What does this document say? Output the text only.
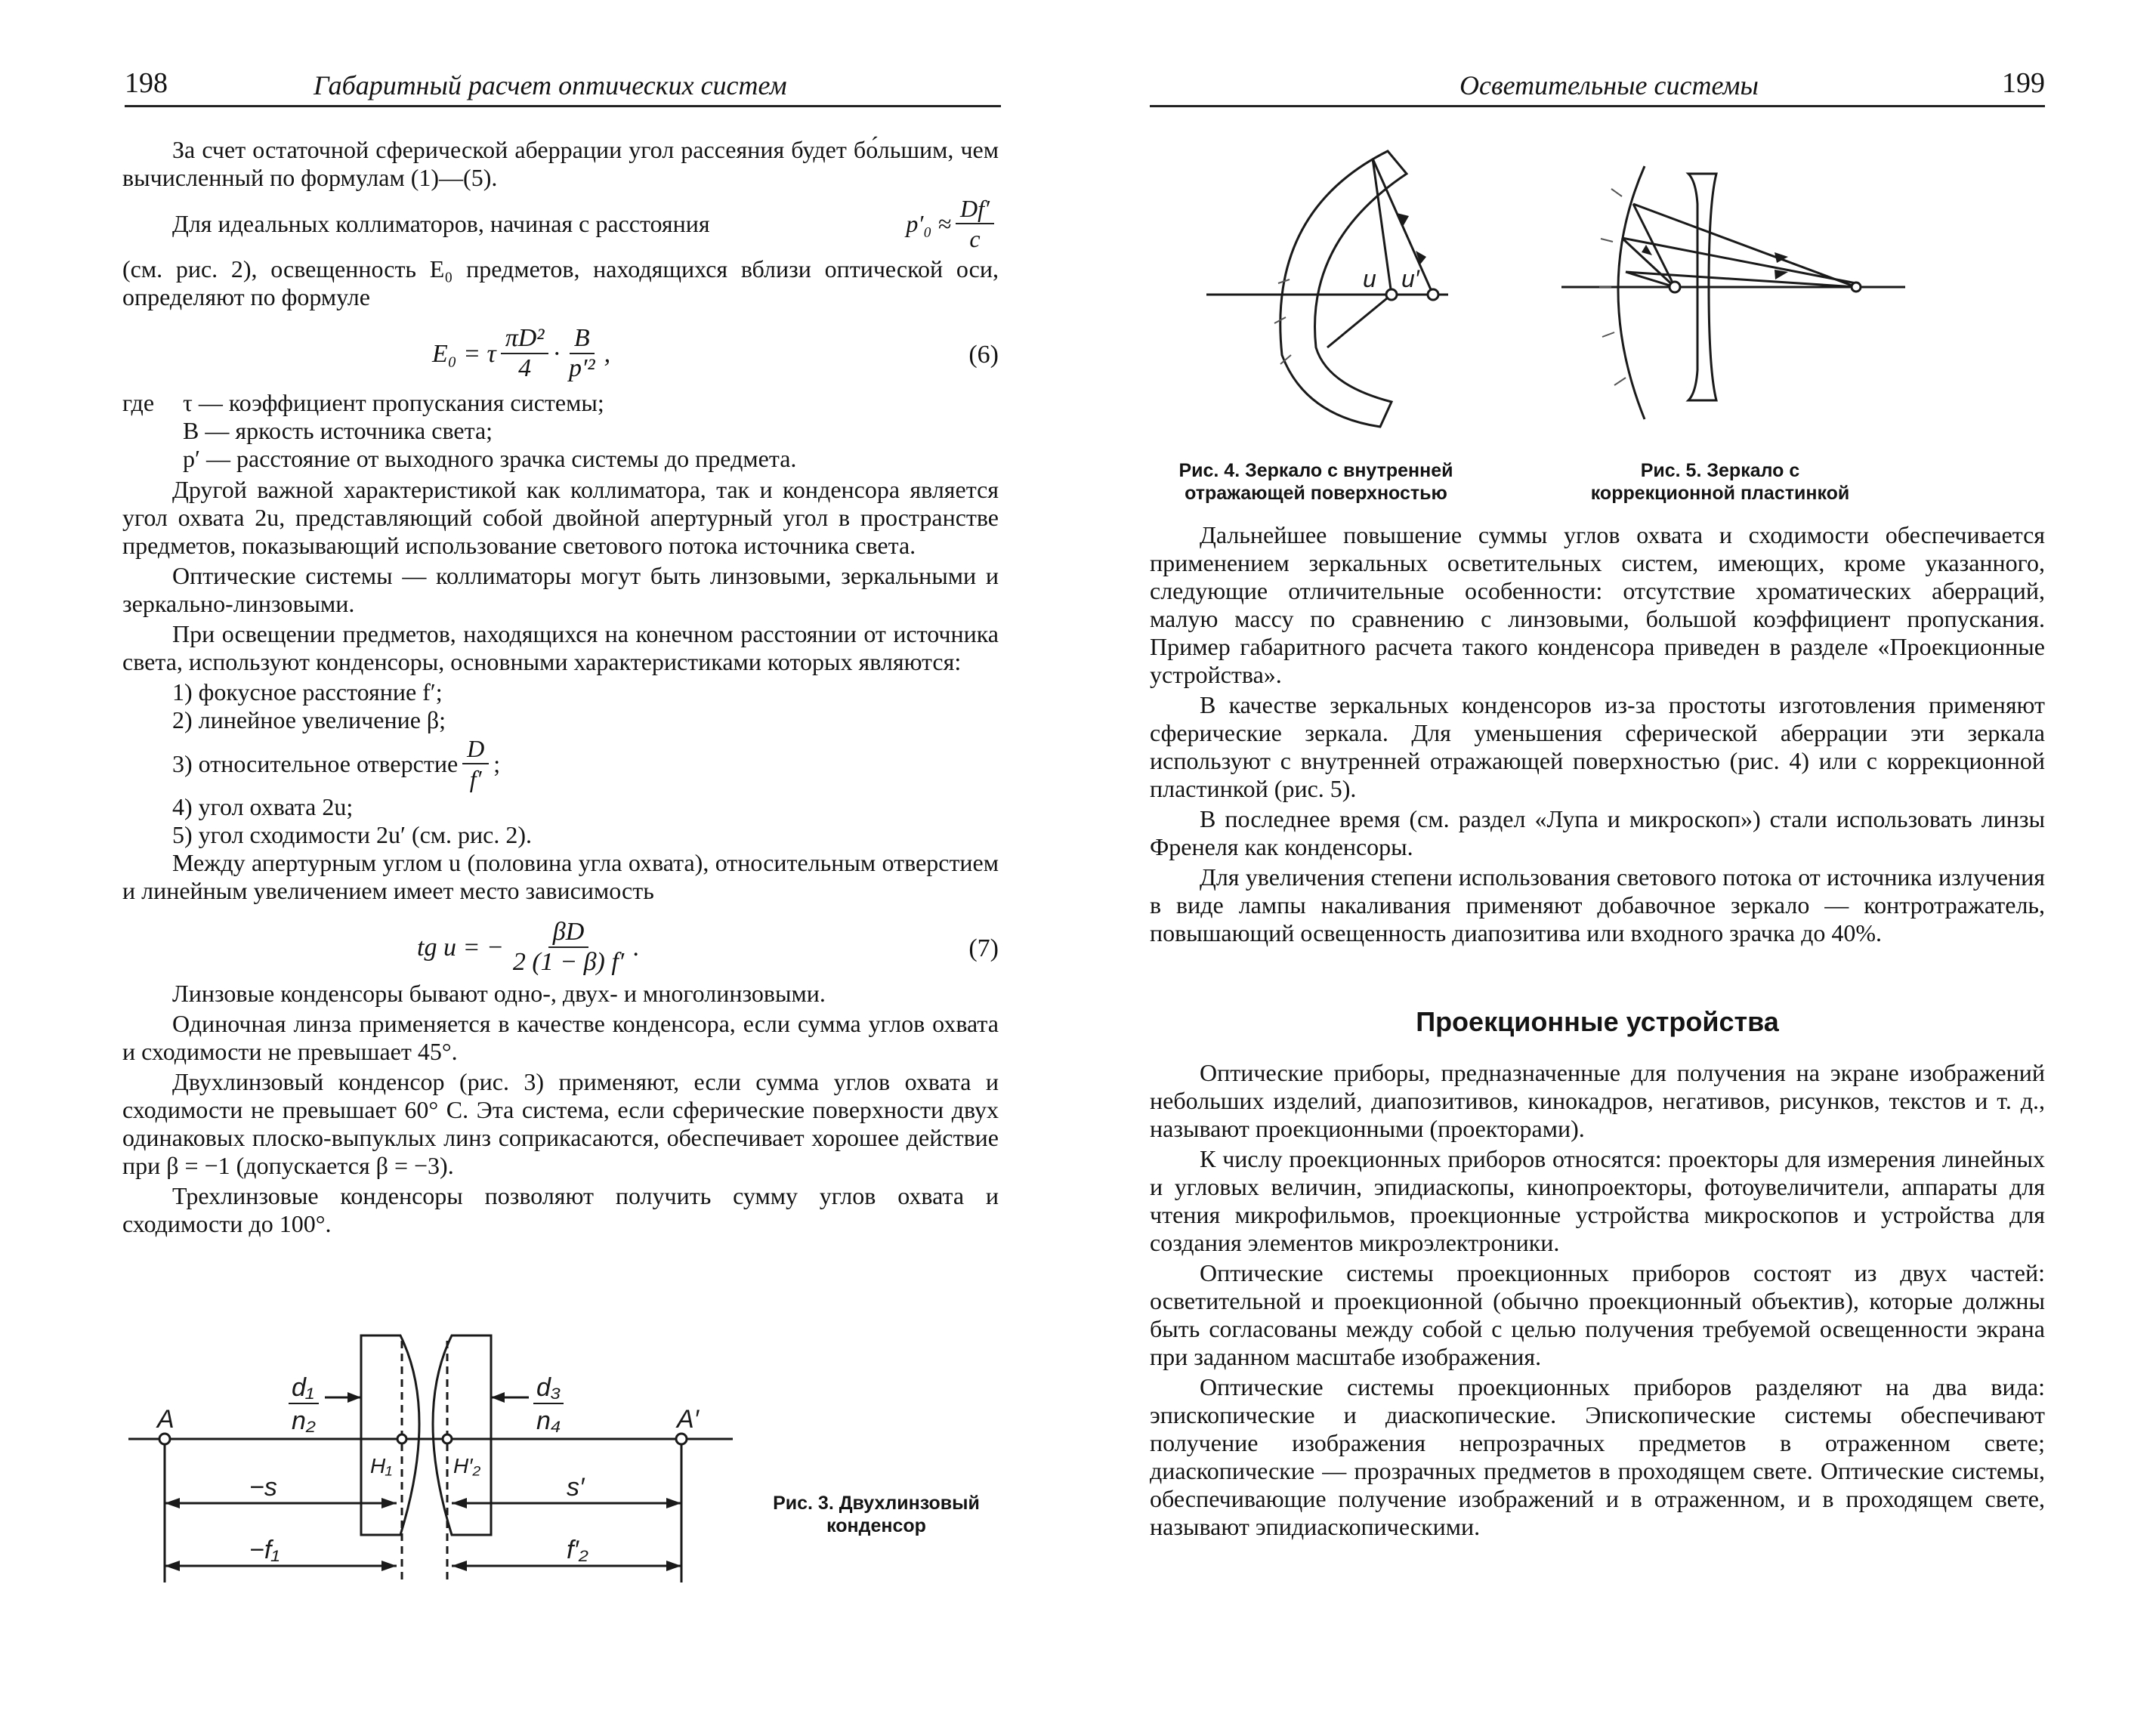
198	Габаритный расчет оптических систем

За счет остаточной сферической аберрации угол рассеяния будет бо́льшим, чем вычисленный по формулам (1)—(5).

Для идеальных коллиматоров, начиная с расстояния	$p'_0 \approx \frac{Df'}{c}$

(см. рис. 2), освещенность E₀ предметов, находящихся вблизи оптической оси, определяют по формуле

E₀ = τ $\frac{\text{πD²}}{4} \cdot \frac{B}{\text{p′²}}$ ,	(6)
где	τ — коэффициент пропускания системы;
B — яркость источника света;
p′ — расстояние от выходного зрачка системы до предмета.

Другой важной характеристикой как коллиматора, так и конденсора является угол охвата 2u, представляющий собой двойной апертурный угол в пространстве предметов, показывающий использование светового потока источника света.

Оптические системы — коллиматоры могут быть линзовыми, зеркальными и зеркально-линзовыми.

При освещении предметов, находящихся на конечном расстоянии от источника света, используют конденсоры, основными характеристиками которых являются:

1) фокусное расстояние f′;
2) линейное увеличение β;
3) относительное отверстие $\frac{D}{f'}$ ;
4) угол охвата 2u;
5) угол сходимости 2u′ (см. рис. 2).

Между апертурным углом u (половина угла охвата), относительным отверстием и линейным увеличением имеет место зависимость

tg u = − $\frac{\beta D}{2 (1 - \beta) f'}$ .	(7)

Линзовые конденсоры бывают одно-, двух- и многолинзовыми.

Одиночная линза применяется в качестве конденсора, если сумма углов охвата и сходимости не превышает 45°.

Двухлинзовый конденсор (рис. 3) применяют, если сумма углов охвата и сходимости не превышает 60° С. Эта система, если сферические поверхности двух одинаковых плоско-выпуклых линз соприкасаются, обеспечивает хорошее действие при β = −1 (допускается β = −3).

Трехлинзовые конденсоры позволяют получить сумму углов охвата и сходимости до 100°.

A	A′
d₁
n₂
d₃
n₄
H₁	H′₂
−s	s′
−f₁	f′₂
Рис. 3. Двухлинзовый конденсор
Осветительные системы	199
u u′
Рис. 4. Зеркало с внутренней отражающей поверхностью
Рис. 5. Зеркало с коррекционной пластинкой

Дальнейшее повышение суммы углов охвата и сходимости обеспечивается применением зеркальных осветительных систем, имеющих, кроме указанного, следующие отличительные особенности: отсутствие хроматических аберраций, малую массу по сравнению с линзовыми, большой коэффициент пропускания. Пример габаритного расчета такого конденсора приведен в разделе «Проекционные устройства».

В качестве зеркальных конденсоров из-за простоты изготовления применяют сферические зеркала. Для уменьшения сферической аберрации эти зеркала используют с внутренней отражающей поверхностью (рис. 4) или с коррекционной пластинкой (рис. 5).

В последнее время (см. раздел «Лупа и микроскоп») стали использовать линзы Френеля как конденсоры.

Для увеличения степени использования светового потока от источника излучения в виде лампы накаливания применяют добавочное зеркало — контротражатель, повышающий освещенность диапозитива или входного зрачка до 40%.

Проекционные устройства

Оптические приборы, предназначенные для получения на экране изображений небольших изделий, диапозитивов, кинокадров, негативов, рисунков, текстов и т. д., называют проекционными (проекторами).

К числу проекционных приборов относятся: проекторы для измерения линейных и угловых величин, эпидиаскопы, кинопроекторы, фотоувеличители, аппараты для чтения микрофильмов, проекционные устройства микроскопов и устройства для создания элементов микроэлектроники.

Оптические системы проекционных приборов состоят из двух частей: осветительной и проекционной (обычно проекционный объектив), которые должны быть согласованы между собой с целью получения требуемой освещенности экрана при заданном масштабе изображения.

Оптические системы проекционных приборов разделяют на два вида: эпископические и диаскопические. Эпископические системы обеспечивают получение изображения непрозрачных предметов в отраженном свете; диаскопические — прозрачных предметов в проходящем свете. Оптические системы, обеспечивающие получение изображений и в отраженном, и в проходящем свете, называют эпидиаскопическими.
